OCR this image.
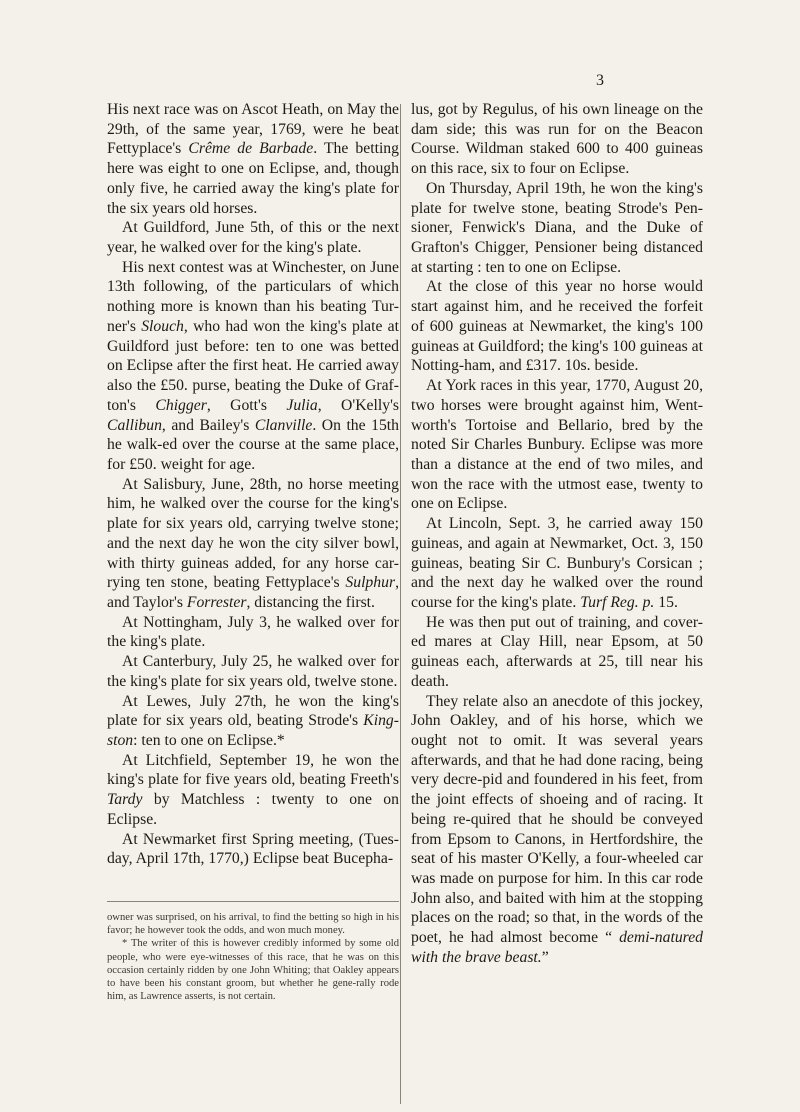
3

His next race was on Ascot Heath, on May the 29th, of the same year, 1769, were he beat Fettyplace's Crême de Barbade. The betting here was eight to one on Eclipse, and, though only five, he carried away the king's plate for the six years old horses.

At Guildford, June 5th, of this or the next year, he walked over for the king's plate.

His next contest was at Winchester, on June 13th following, of the particulars of which nothing more is known than his beating Tur-ner's Slouch, who had won the king's plate at Guildford just before: ten to one was betted on Eclipse after the first heat. He carried away also the £50. purse, beating the Duke of Graf-ton's Chigger, Gott's Julia, O'Kelly's Callibun, and Bailey's Clanville. On the 15th he walk-ed over the course at the same place, for £50. weight for age.

At Salisbury, June, 28th, no horse meeting him, he walked over the course for the king's plate for six years old, carrying twelve stone; and the next day he won the city silver bowl, with thirty guineas added, for any horse car-rying ten stone, beating Fettyplace's Sulphur, and Taylor's Forrester, distancing the first.

At Nottingham, July 3, he walked over for the king's plate.

At Canterbury, July 25, he walked over for the king's plate for six years old, twelve stone.

At Lewes, July 27th, he won the king's plate for six years old, beating Strode's King-ston: ten to one on Eclipse.*

At Litchfield, September 19, he won the king's plate for five years old, beating Freeth's Tardy by Matchless : twenty to one on Eclipse.

At Newmarket first Spring meeting, (Tues-day, April 17th, 1770,) Eclipse beat Bucepha-

owner was surprised, on his arrival, to find the betting so high in his favor; he however took the odds, and won much money.

* The writer of this is however credibly informed by some old people, who were eye-witnesses of this race, that he was on this occasion certainly ridden by one John Whiting; that Oakley appears to have been his constant groom, but whether he gene-rally rode him, as Lawrence asserts, is not certain.

lus, got by Regulus, of his own lineage on the dam side; this was run for on the Beacon Course. Wildman staked 600 to 400 guineas on this race, six to four on Eclipse.

On Thursday, April 19th, he won the king's plate for twelve stone, beating Strode's Pen-sioner, Fenwick's Diana, and the Duke of Grafton's Chigger, Pensioner being distanced at starting : ten to one on Eclipse.

At the close of this year no horse would start against him, and he received the forfeit of 600 guineas at Newmarket, the king's 100 guineas at Guildford; the king's 100 guineas at Notting-ham, and £317. 10s. beside.

At York races in this year, 1770, August 20, two horses were brought against him, Went-worth's Tortoise and Bellario, bred by the noted Sir Charles Bunbury. Eclipse was more than a distance at the end of two miles, and won the race with the utmost ease, twenty to one on Eclipse.

At Lincoln, Sept. 3, he carried away 150 guineas, and again at Newmarket, Oct. 3, 150 guineas, beating Sir C. Bunbury's Corsican ; and the next day he walked over the round course for the king's plate. Turf Reg. p. 15.

He was then put out of training, and cover-ed mares at Clay Hill, near Epsom, at 50 guineas each, afterwards at 25, till near his death.

They relate also an anecdote of this jockey, John Oakley, and of his horse, which we ought not to omit. It was several years afterwards, and that he had done racing, being very decre-pid and foundered in his feet, from the joint effects of shoeing and of racing. It being re-quired that he should be conveyed from Epsom to Canons, in Hertfordshire, the seat of his master O'Kelly, a four-wheeled car was made on purpose for him. In this car rode John also, and baited with him at the stopping places on the road; so that, in the words of the poet, he had almost become “ demi-natured with the brave beast.”
